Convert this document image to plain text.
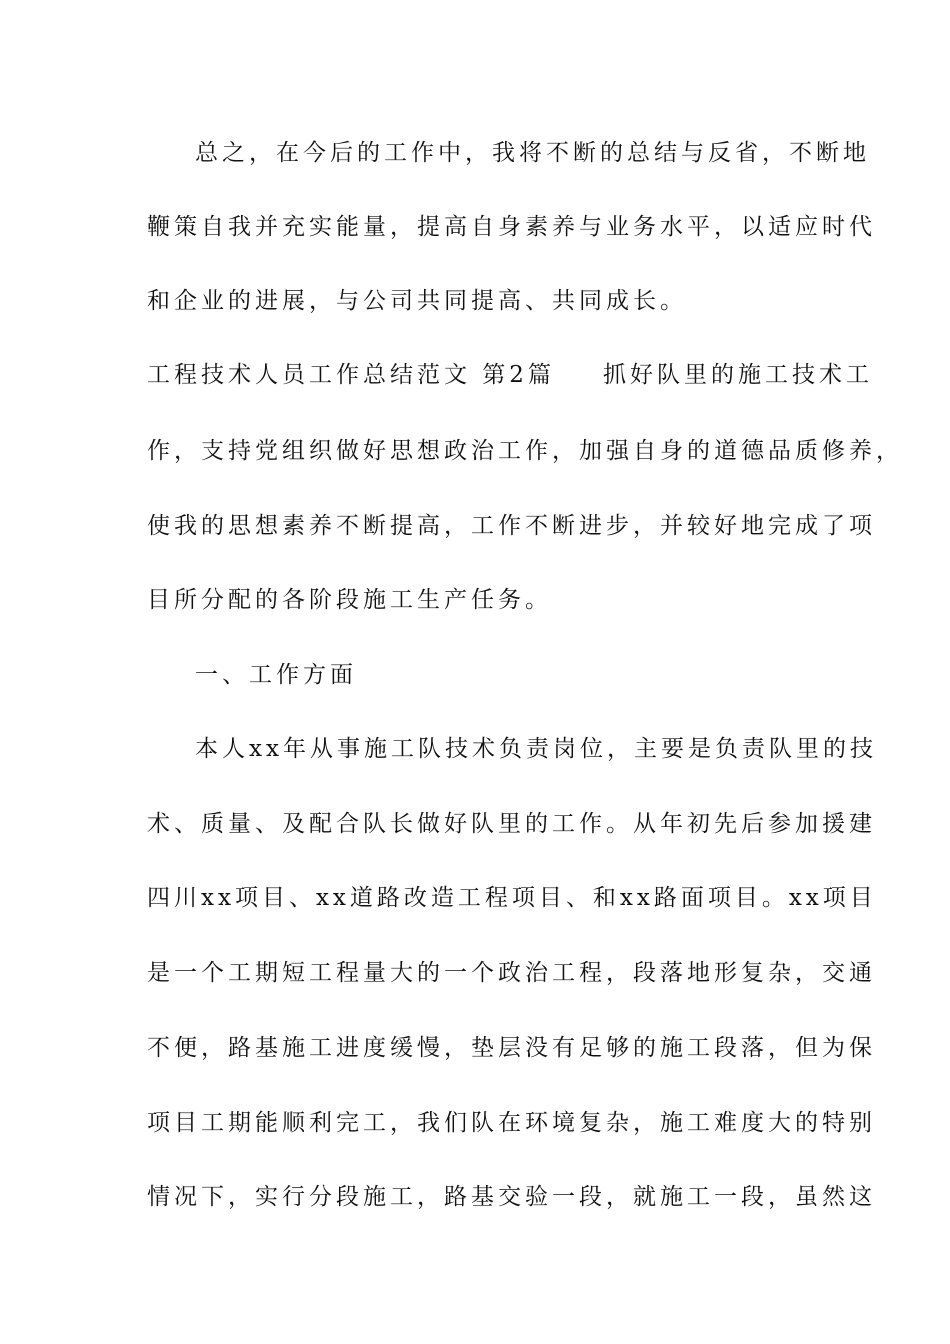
总之，在今后的工作中，我将不断的总结与反省，不断地
鞭策自我并充实能量，提高自身素养与业务水平，以适应时代
和企业的进展，与公司共同提高、共同成长。
工程技术人员工作总结范文 第2篇 抓好队里的施工技术工
作，支持党组织做好思想政治工作，加强自身的道德品质修养，
使我的思想素养不断提高，工作不断进步，并较好地完成了项
目所分配的各阶段施工生产任务。
一、工作方面
本人xx年从事施工队技术负责岗位，主要是负责队里的技
术、质量、及配合队长做好队里的工作。从年初先后参加援建
四川xx项目、xx道路改造工程项目、和xx路面项目。xx项目
是一个工期短工程量大的一个政治工程，段落地形复杂，交通
不便，路基施工进度缓慢，垫层没有足够的施工段落，但为保
项目工期能顺利完工，我们队在环境复杂，施工难度大的特别
情况下，实行分段施工，路基交验一段，就施工一段，虽然这
